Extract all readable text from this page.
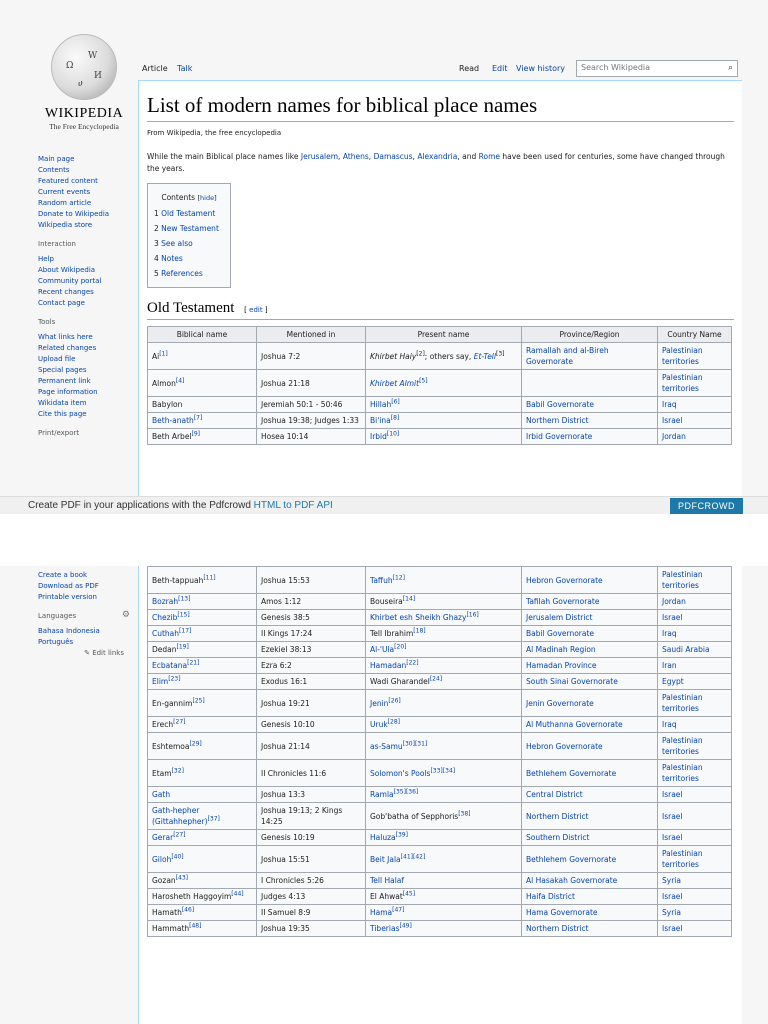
Ω
W
И
ሀ
WIKIPEDIA
The Free Encyclopedia
Main page
Contents
Featured content
Current events
Random article
Donate to Wikipedia
Wikipedia store
Interaction
Help
About Wikipedia
Community portal
Recent changes
Contact page
Tools
What links here
Related changes
Upload file
Special pages
Permanent link
Page information
Wikidata item
Cite this page
Print/export
Article Talk	Read Edit View history	Search Wikipedia	⌕
List of modern names for biblical place names
From Wikipedia, the free encyclopedia
While the main Biblical place names like Jerusalem, Athens, Damascus, Alexandria, and Rome have been used for centuries, some have changed through the years.
Contents [hide]
1 Old Testament
2 New Testament
3 See also
4 Notes
5 References
Old Testament [ edit ]
Biblical name	Mentioned in	Present name	Province/Region	Country Name
Ai[1]	Joshua 7:2	Khirbet Haiy[2]; others say, Et-Tell[3]	Ramallah and al-Bireh Governorate	Palestinian territories
Almon[4]	Joshua 21:18	Khirbet Almit[5]		Palestinian territories
Babylon	Jeremiah 50:1 - 50:46	Hillah[6]	Babil Governorate	Iraq
Beth-anath[7]	Joshua 19:38; Judges 1:33	Bi'ina[8]	Northern District	Israel
Beth Arbel[9]	Hosea 10:14	Irbid[10]	Irbid Governorate	Jordan
Create PDF in your applications with the Pdfcrowd HTML to PDF API	PDFCROWD
Create a book
Download as PDF
Printable version
Languages	⚙
Bahasa Indonesia
Português
✎ Edit links
Beth-tappuah[11]	Joshua 15:53	Taffuh[12]	Hebron Governorate	Palestinian territories
Bozrah[13]	Amos 1:12	Bouseira[14]	Tafilah Governorate	Jordan
Chezib[15]	Genesis 38:5	Khirbet esh Sheikh Ghazy[16]	Jerusalem District	Israel
Cuthah[17]	II Kings 17:24	Tell Ibrahim[18]	Babil Governorate	Iraq
Dedan[19]	Ezekiel 38:13	Al-'Ula[20]	Al Madinah Region	Saudi Arabia
Ecbatana[21]	Ezra 6:2	Hamadan[22]	Hamadan Province	Iran
Elim[23]	Exodus 16:1	Wadi Gharandel[24]	South Sinai Governorate	Egypt
En-gannim[25]	Joshua 19:21	Jenin[26]	Jenin Governorate	Palestinian territories
Erech[27]	Genesis 10:10	Uruk[28]	Al Muthanna Governorate	Iraq
Eshtemoa[29]	Joshua 21:14	as-Samu[30][31]	Hebron Governorate	Palestinian territories
Etam[32]	II Chronicles 11:6	Solomon's Pools[33][34]	Bethlehem Governorate	Palestinian territories
Gath	Joshua 13:3	Ramla[35][36]	Central District	Israel
Gath-hepher (Gittahhepher)[37]	Joshua 19:13; 2 Kings 14:25	Gob'batha of Sepphoris[38]	Northern District	Israel
Gerar[27]	Genesis 10:19	Haluza[39]	Southern District	Israel
Giloh[40]	Joshua 15:51	Beit Jala[41][42]	Bethlehem Governorate	Palestinian territories
Gozan[43]	I Chronicles 5:26	Tell Halaf	Al Hasakah Governorate	Syria
Harosheth Haggoyim[44]	Judges 4:13	El Ahwat[45]	Haifa District	Israel
Hamath[46]	II Samuel 8:9	Hama[47]	Hama Governorate	Syria
Hammath[48]	Joshua 19:35	Tiberias[49]	Northern District	Israel
